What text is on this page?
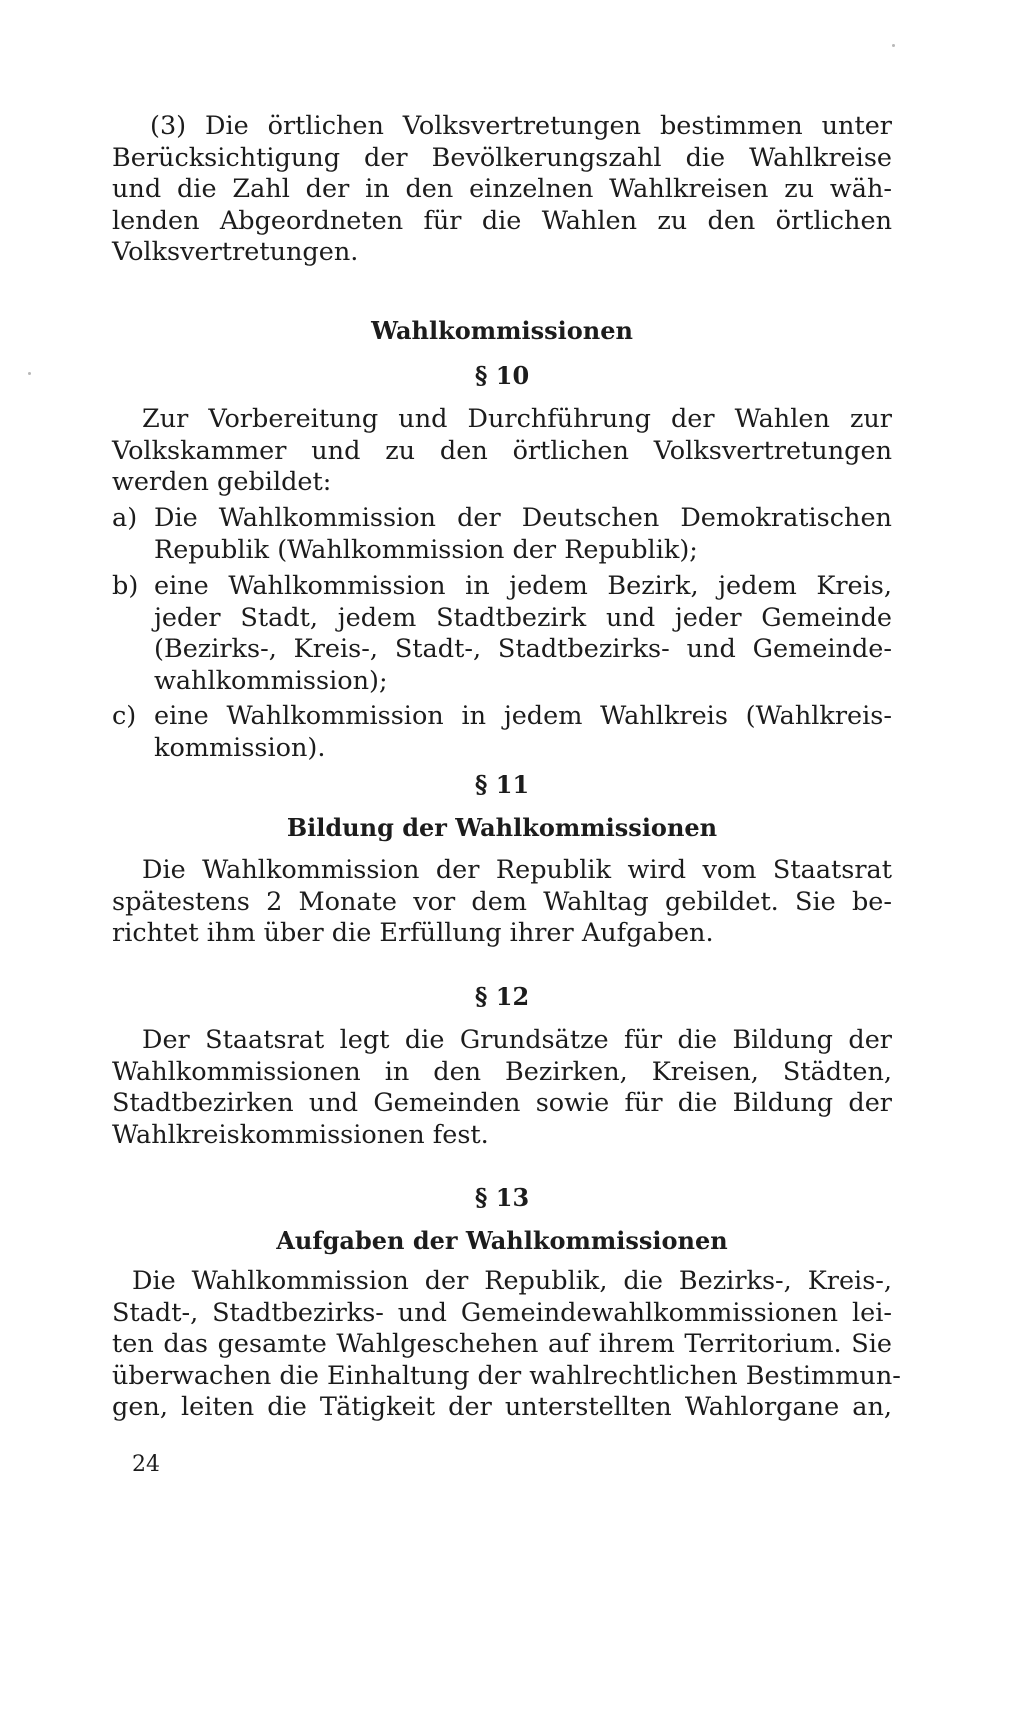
(3) Die örtlichen Volksvertretungen bestimmen unter
Berücksichtigung der Bevölkerungszahl die Wahlkreise
und die Zahl der in den einzelnen Wahlkreisen zu wäh-
lenden Abgeordneten für die Wahlen zu den örtlichen
Volksvertretungen.
Wahlkommissionen
§ 10
Zur Vorbereitung und Durchführung der Wahlen zur
Volkskammer und zu den örtlichen Volksvertretungen
werden gebildet:
a) Die Wahlkommission der Deutschen Demokratischen
Republik (Wahlkommission der Republik);
b) eine Wahlkommission in jedem Bezirk, jedem Kreis,
jeder Stadt, jedem Stadtbezirk und jeder Gemeinde
(Bezirks-, Kreis-, Stadt-, Stadtbezirks- und Gemeinde-
wahlkommission);
c) eine Wahlkommission in jedem Wahlkreis (Wahlkreis-
kommission).
§ 11
Bildung der Wahlkommissionen
Die Wahlkommission der Republik wird vom Staatsrat
spätestens 2 Monate vor dem Wahltag gebildet. Sie be-
richtet ihm über die Erfüllung ihrer Aufgaben.
§ 12
Der Staatsrat legt die Grundsätze für die Bildung der
Wahlkommissionen in den Bezirken, Kreisen, Städten,
Stadtbezirken und Gemeinden sowie für die Bildung der
Wahlkreiskommissionen fest.
§ 13
Aufgaben der Wahlkommissionen
Die Wahlkommission der Republik, die Bezirks-, Kreis-,
Stadt-, Stadtbezirks- und Gemeindewahlkommissionen lei-
ten das gesamte Wahlgeschehen auf ihrem Territorium. Sie
überwachen die Einhaltung der wahlrechtlichen Bestimmun-
gen, leiten die Tätigkeit der unterstellten Wahlorgane an,
24
